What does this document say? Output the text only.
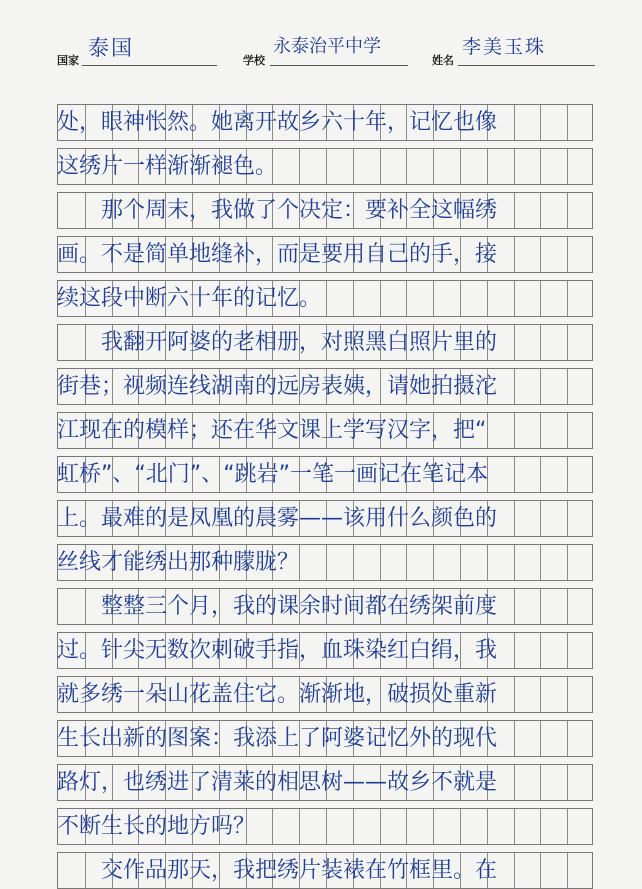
国家
泰国
学校
永泰治平中学
姓名
李美玉珠
处，眼神怅然。她离开故乡六十年，记忆也像
这绣片一样渐渐褪色。
　　那个周末，我做了个决定：要补全这幅绣
画。不是简单地缝补，而是要用自己的手，接
续这段中断六十年的记忆。
　　我翻开阿婆的老相册，对照黑白照片里的
街巷；视频连线湖南的远房表姨，请她拍摄沱
江现在的模样；还在华文课上学写汉字，把“
虹桥”、“北门”、“跳岩”一笔一画记在笔记本
上。最难的是凤凰的晨雾——该用什么颜色的
丝线才能绣出那种朦胧？
　　整整三个月，我的课余时间都在绣架前度
过。针尖无数次刺破手指，血珠染红白绢，我
就多绣一朵山花盖住它。渐渐地，破损处重新
生长出新的图案：我添上了阿婆记忆外的现代
路灯，也绣进了清莱的相思树——故乡不就是
不断生长的地方吗？
　　交作品那天，我把绣片装裱在竹框里。在
